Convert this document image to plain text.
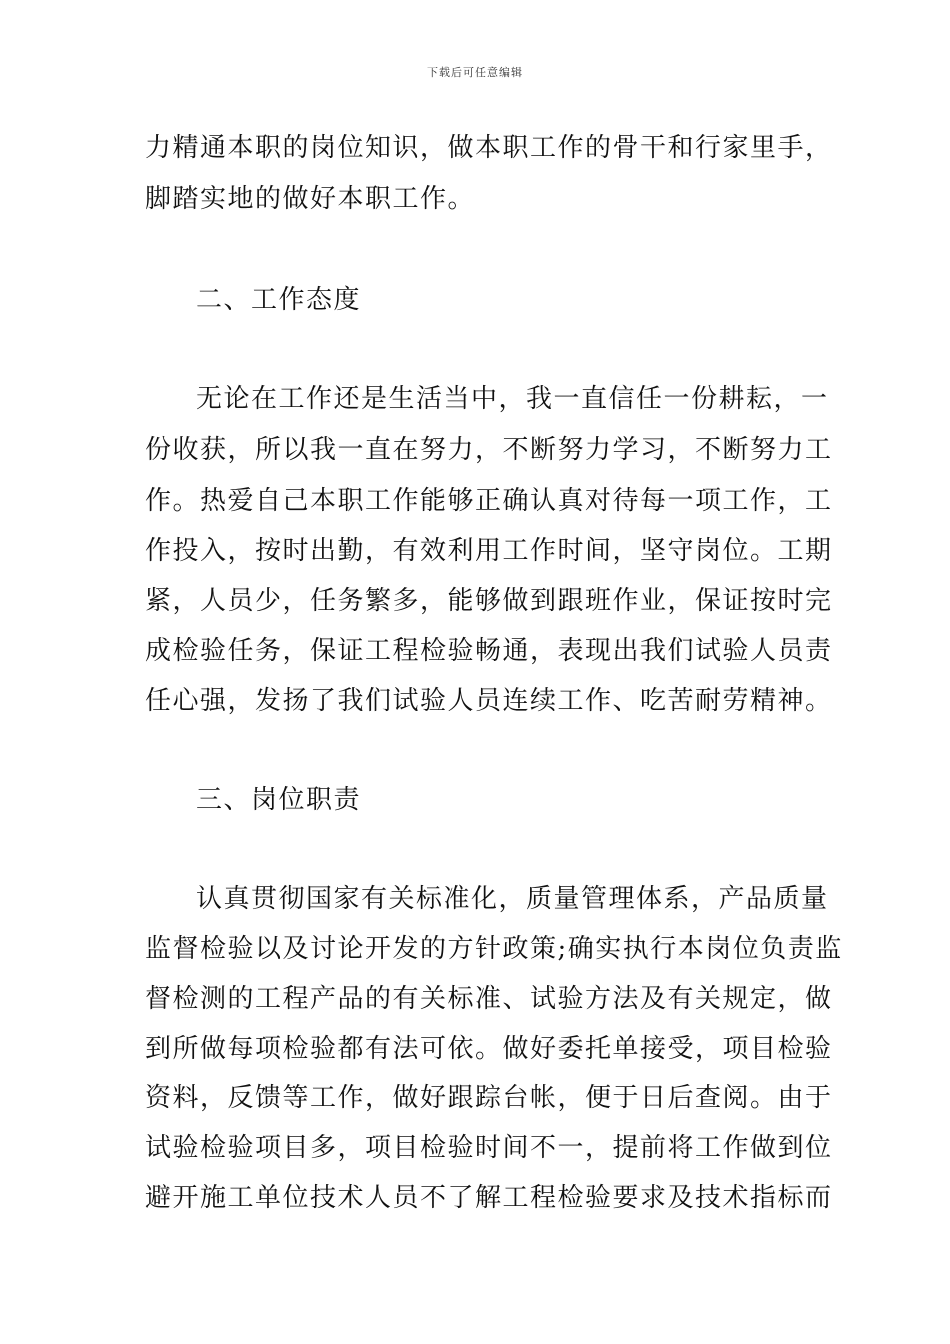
下载后可任意编辑
力精通本职的岗位知识，做本职工作的骨干和行家里手，
脚踏实地的做好本职工作。
二、工作态度
无论在工作还是生活当中，我一直信任一份耕耘，一
份收获，所以我一直在努力，不断努力学习，不断努力工
作。热爱自己本职工作能够正确认真对待每一项工作，工
作投入，按时出勤，有效利用工作时间，坚守岗位。工期
紧，人员少，任务繁多，能够做到跟班作业，保证按时完
成检验任务，保证工程检验畅通，表现出我们试验人员责
任心强，发扬了我们试验人员连续工作、吃苦耐劳精神。
三、岗位职责
认真贯彻国家有关标准化，质量管理体系，产品质量
监督检验以及讨论开发的方针政策;确实执行本岗位负责监
督检测的工程产品的有关标准、试验方法及有关规定，做
到所做每项检验都有法可依。做好委托单接受，项目检验
资料，反馈等工作，做好跟踪台帐，便于日后查阅。由于
试验检验项目多，项目检验时间不一，提前将工作做到位
避开施工单位技术人员不了解工程检验要求及技术指标而
